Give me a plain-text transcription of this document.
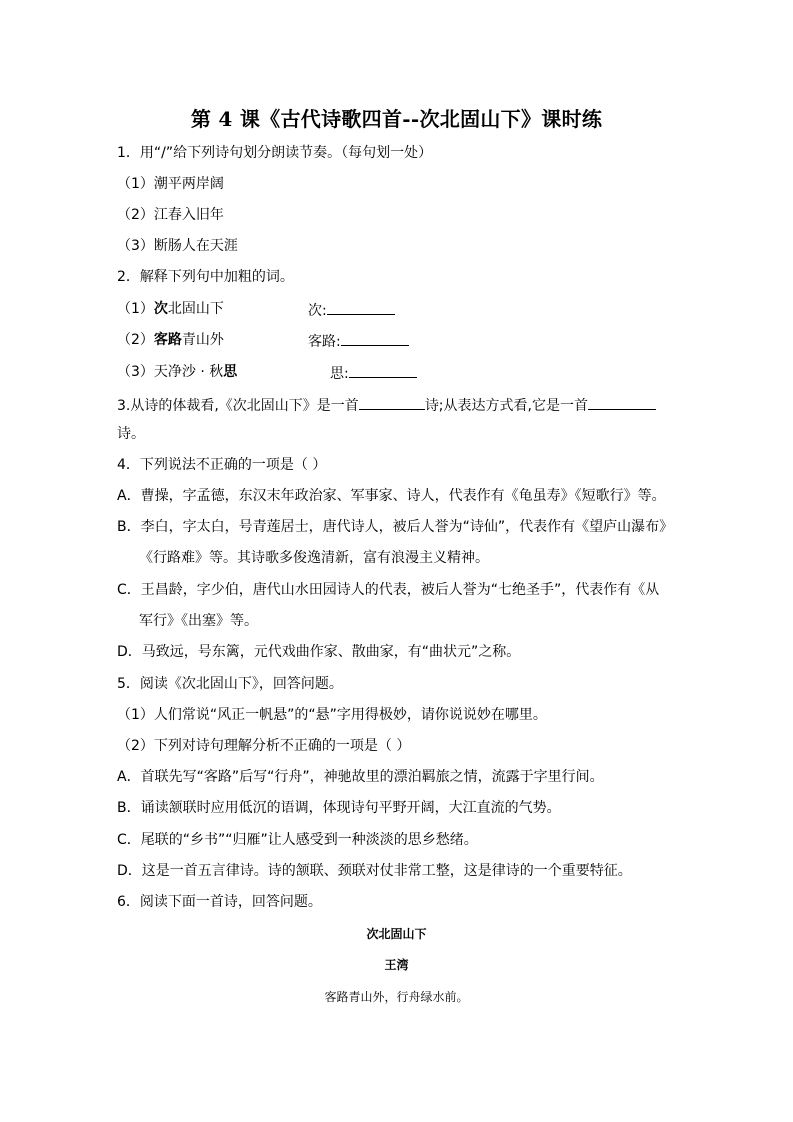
第 4 课《古代诗歌四首--次北固山下》课时练
1．用“/”给下列诗句划分朗读节奏。（每句划一处）
（1）潮平两岸阔
（2）江春入旧年
（3）断肠人在天涯
2．解释下列句中加粗的词。
（1）次北固山下	次:
（2）客路青山外	客路:
（3）天净沙 · 秋思	思:
3.从诗的体裁看,《次北固山下》是一首	诗;从表达方式看,它是一首
诗。
4．下列说法不正确的一项是（ ）
A．曹操，字孟德，东汉末年政治家、军事家、诗人，代表作有《龟虽寿》《短歌行》等。
B．李白，字太白，号青莲居士，唐代诗人，被后人誉为“诗仙”，代表作有《望庐山瀑布》
《行路难》等。其诗歌多俊逸清新，富有浪漫主义精神。
C．王昌龄，字少伯，唐代山水田园诗人的代表，被后人誉为“七绝圣手”，代表作有《从
军行》《出塞》等。
D．马致远，号东篱，元代戏曲作家、散曲家，有“曲状元”之称。
5．阅读《次北固山下》，回答问题。
（1）人们常说“风正一帆悬”的“悬”字用得极妙，请你说说妙在哪里。
（2）下列对诗句理解分析不正确的一项是（ ）
A．首联先写“客路”后写“行舟”，神驰故里的漂泊羁旅之情，流露于字里行间。
B．诵读颔联时应用低沉的语调，体现诗句平野开阔，大江直流的气势。
C．尾联的“乡书”“归雁”让人感受到一种淡淡的思乡愁绪。
D．这是一首五言律诗。诗的颔联、颈联对仗非常工整，这是律诗的一个重要特征。
6．阅读下面一首诗，回答问题。
次北固山下
王湾
客路青山外，行舟绿水前。
